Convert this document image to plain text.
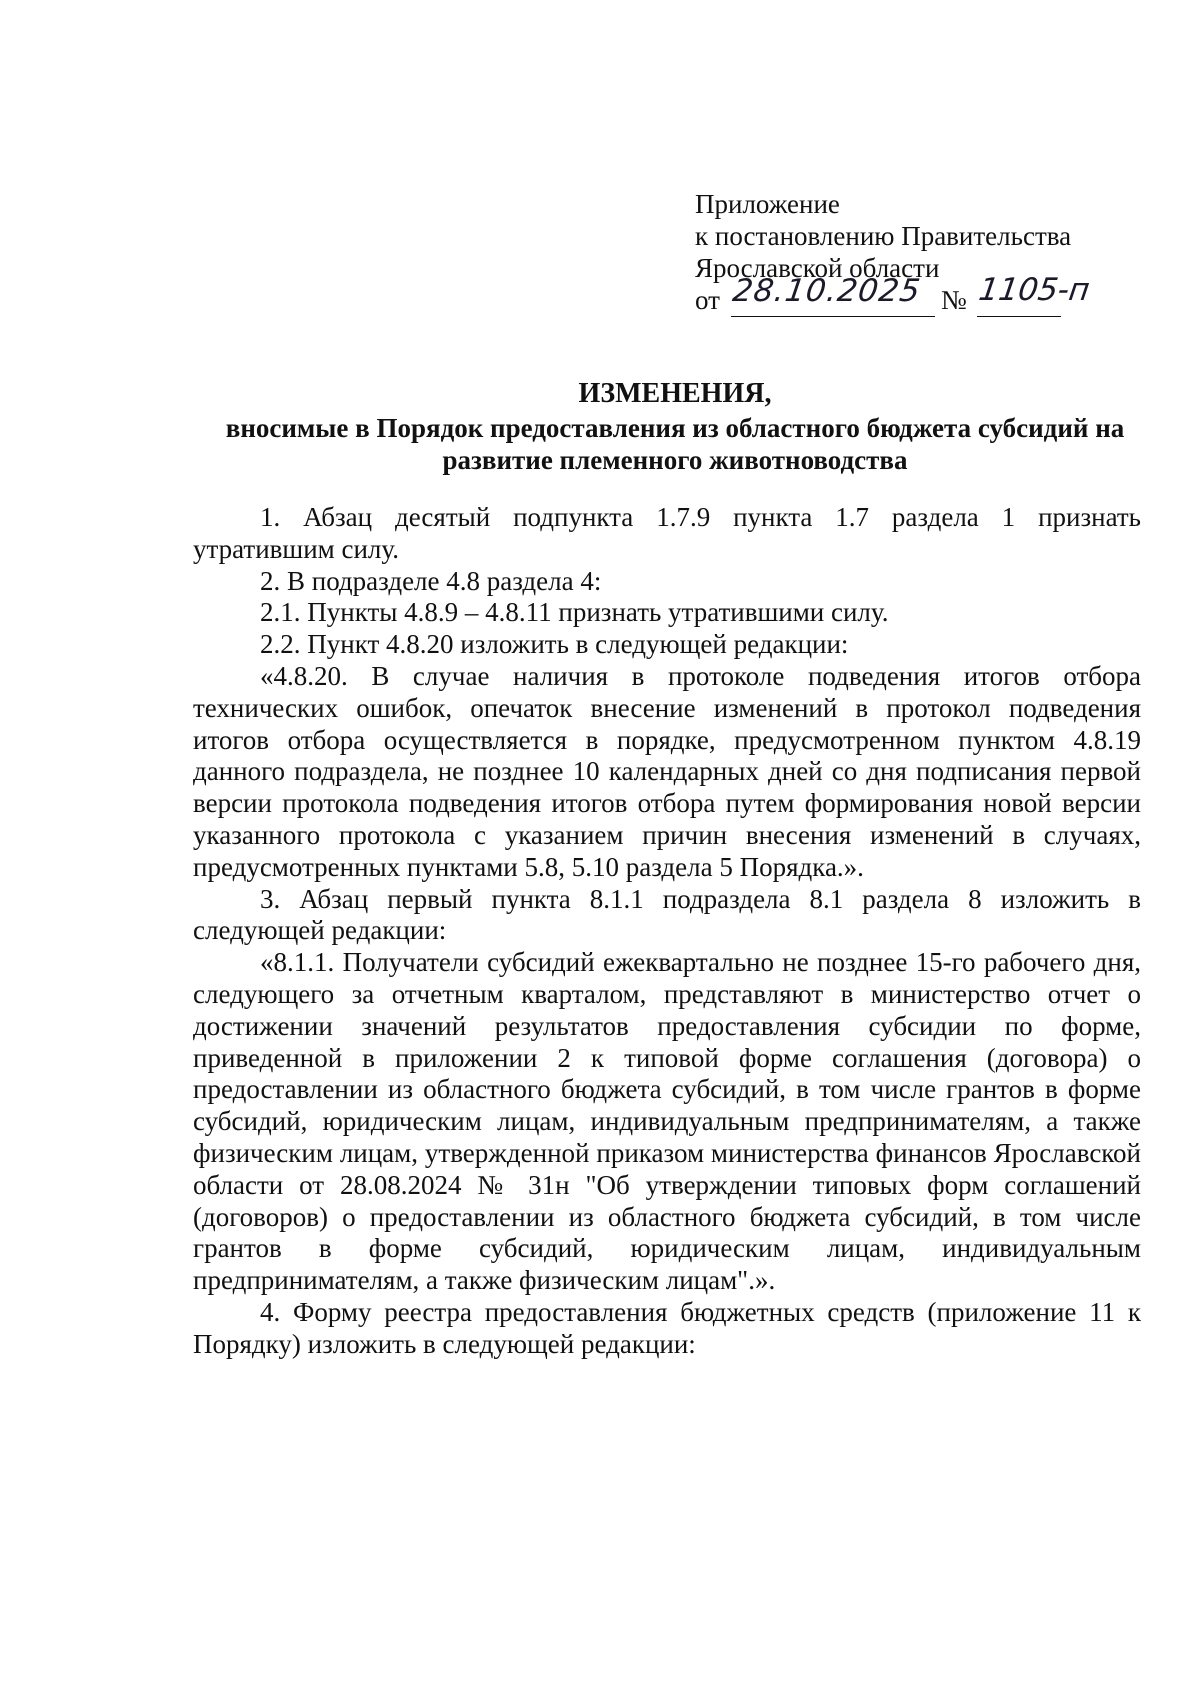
Приложение
к постановлению Правительства
Ярославской области
от 28.10.2025 № 1105-п
ИЗМЕНЕНИЯ,
вносимые в Порядок предоставления из областного бюджета субсидий на
развитие племенного животноводства

1. Абзац десятый подпункта 1.7.9 пункта 1.7 раздела 1 признать утратившим силу.

2. В подразделе 4.8 раздела 4:

2.1. Пункты 4.8.9 – 4.8.11 признать утратившими силу.

2.2. Пункт 4.8.20 изложить в следующей редакции:

«4.8.20. В случае наличия в протоколе подведения итогов отбора технических ошибок, опечаток внесение изменений в протокол подведения итогов отбора осуществляется в порядке, предусмотренном пунктом 4.8.19 данного подраздела, не позднее 10 календарных дней со дня подписания первой версии протокола подведения итогов отбора путем формирования новой версии указанного протокола с указанием причин внесения изменений в случаях, предусмотренных пунктами 5.8, 5.10 раздела 5 Порядка.».

3. Абзац первый пункта 8.1.1 подраздела 8.1 раздела 8 изложить в следующей редакции:

«8.1.1. Получатели субсидий ежеквартально не позднее 15-го рабочего дня, следующего за отчетным кварталом, представляют в министерство отчет о достижении значений результатов предоставления субсидии по форме, приведенной в приложении 2 к типовой форме соглашения (договора) о предоставлении из областного бюджета субсидий, в том числе грантов в форме субсидий, юридическим лицам, индивидуальным предпринимателям, а также физическим лицам, утвержденной приказом министерства финансов Ярославской области от 28.08.2024 № 31н "Об утверждении типовых форм соглашений (договоров) о предоставлении из областного бюджета субсидий, в том числе грантов в форме субсидий, юридическим лицам, индивидуальным предпринимателям, а также физическим лицам".».

4. Форму реестра предоставления бюджетных средств (приложение 11 к Порядку) изложить в следующей редакции:
